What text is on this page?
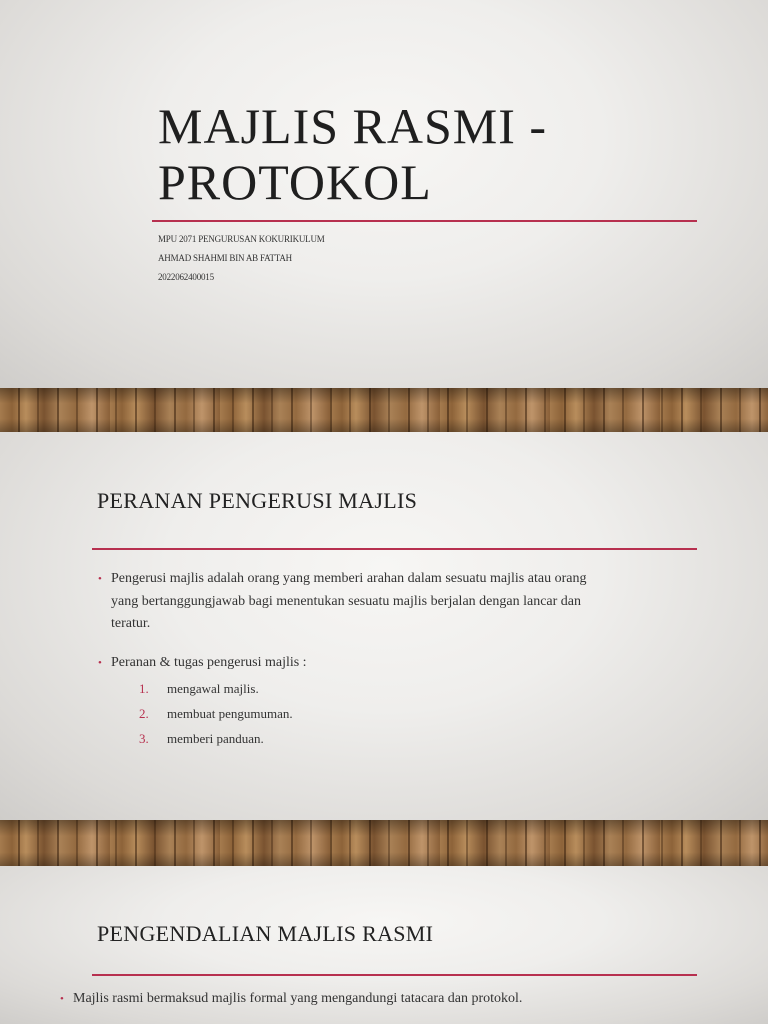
MAJLIS RASMI -
PROTOKOL
MPU 2071 PENGURUSAN KOKURIKULUM
AHMAD SHAHMI BIN AB FATTAH
2022062400015
PERANAN PENGERUSI MAJLIS
• Pengerusi majlis adalah orang yang memberi arahan dalam sesuatu majlis atau orang
yang bertanggungjawab bagi menentukan sesuatu majlis berjalan dengan lancar dan
teratur.
• Peranan & tugas pengerusi majlis :
1. mengawal majlis.
2. membuat pengumuman.
3. memberi panduan.
PENGENDALIAN MAJLIS RASMI
• Majlis rasmi bermaksud majlis formal yang mengandungi tatacara dan protokol.
